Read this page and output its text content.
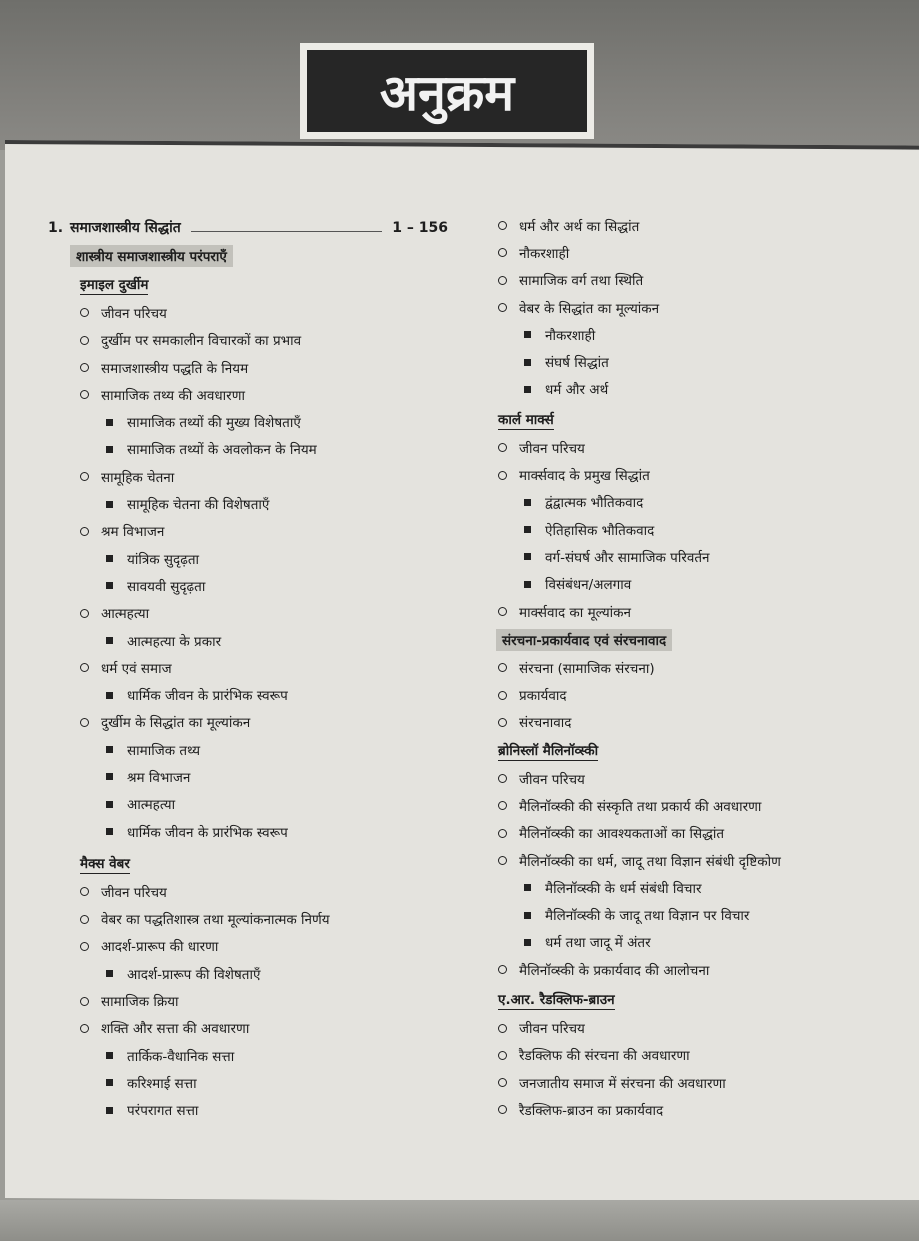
अनुक्रम
1. समाजशास्त्रीय सिद्धांत	1 – 156
शास्त्रीय समाजशास्त्रीय परंपराएँ
इमाइल दुर्खीम
जीवन परिचय
दुर्खीम पर समकालीन विचारकों का प्रभाव
समाजशास्त्रीय पद्धति के नियम
सामाजिक तथ्य की अवधारणा
सामाजिक तथ्यों की मुख्य विशेषताएँ
सामाजिक तथ्यों के अवलोकन के नियम
सामूहिक चेतना
सामूहिक चेतना की विशेषताएँ
श्रम विभाजन
यांत्रिक सुदृढ़ता
सावयवी सुदृढ़ता
आत्महत्या
आत्महत्या के प्रकार
धर्म एवं समाज
धार्मिक जीवन के प्रारंभिक स्वरूप
दुर्खीम के सिद्धांत का मूल्यांकन
सामाजिक तथ्य
श्रम विभाजन
आत्महत्या
धार्मिक जीवन के प्रारंभिक स्वरूप
मैक्स वेबर
जीवन परिचय
वेबर का पद्धतिशास्त्र तथा मूल्यांकनात्मक निर्णय
आदर्श-प्रारूप की धारणा
आदर्श-प्रारूप की विशेषताएँ
सामाजिक क्रिया
शक्ति और सत्ता की अवधारणा
तार्किक-वैधानिक सत्ता
करिश्माई सत्ता
परंपरागत सत्ता
धर्म और अर्थ का सिद्धांत
नौकरशाही
सामाजिक वर्ग तथा स्थिति
वेबर के सिद्धांत का मूल्यांकन
नौकरशाही
संघर्ष सिद्धांत
धर्म और अर्थ
कार्ल मार्क्स
जीवन परिचय
मार्क्सवाद के प्रमुख सिद्धांत
द्वंद्वात्मक भौतिकवाद
ऐतिहासिक भौतिकवाद
वर्ग-संघर्ष और सामाजिक परिवर्तन
विसंबंधन/अलगाव
मार्क्सवाद का मूल्यांकन
संरचना-प्रकार्यवाद एवं संरचनावाद
संरचना (सामाजिक संरचना)
प्रकार्यवाद
संरचनावाद
ब्रोनिस्लॉ मैलिनॉव्स्की
जीवन परिचय
मैलिनॉव्स्की की संस्कृति तथा प्रकार्य की अवधारणा
मैलिनॉव्स्की का आवश्यकताओं का सिद्धांत
मैलिनॉव्स्की का धर्म, जादू तथा विज्ञान संबंधी दृष्टिकोण
मैलिनॉव्स्की के धर्म संबंधी विचार
मैलिनॉव्स्की के जादू तथा विज्ञान पर विचार
धर्म तथा जादू में अंतर
मैलिनॉव्स्की के प्रकार्यवाद की आलोचना
ए.आर. रैडक्लिफ-ब्राउन
जीवन परिचय
रैडक्लिफ की संरचना की अवधारणा
जनजातीय समाज में संरचना की अवधारणा
रैडक्लिफ-ब्राउन का प्रकार्यवाद
